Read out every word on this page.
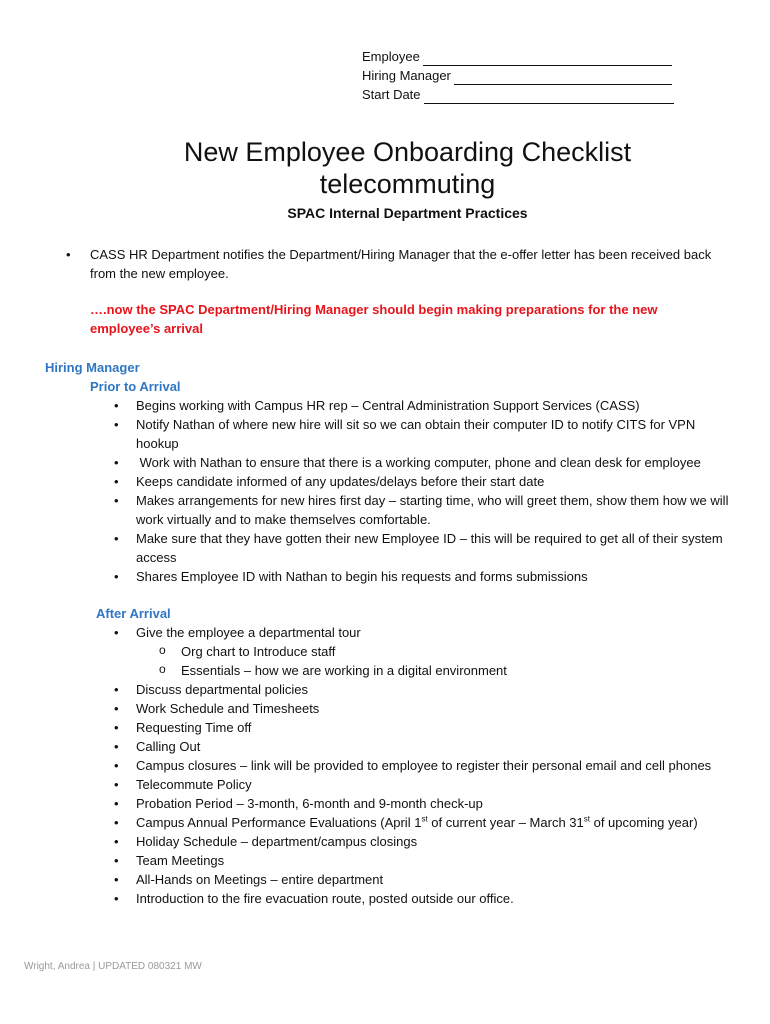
Employee
Hiring Manager
Start Date
New Employee Onboarding Checklist
telecommuting
SPAC Internal Department Practices
• CASS HR Department notifies the Department/Hiring Manager that the e-offer letter has been received back from the new employee.
….now the SPAC Department/Hiring Manager should begin making preparations for the new employee’s arrival
Hiring Manager
Prior to Arrival
• Begins working with Campus HR rep – Central Administration Support Services (CASS)
• Notify Nathan of where new hire will sit so we can obtain their computer ID to notify CITS for VPN hookup
• Work with Nathan to ensure that there is a working computer, phone and clean desk for employee
• Keeps candidate informed of any updates/delays before their start date
• Makes arrangements for new hires first day – starting time, who will greet them, show them how we will work virtually and to make themselves comfortable.
• Make sure that they have gotten their new Employee ID – this will be required to get all of their system access
• Shares Employee ID with Nathan to begin his requests and forms submissions
After Arrival
• Give the employee a departmental tour
o Org chart to Introduce staff
o Essentials – how we are working in a digital environment
• Discuss departmental policies
• Work Schedule and Timesheets
• Requesting Time off
• Calling Out
• Campus closures – link will be provided to employee to register their personal email and cell phones
• Telecommute Policy
• Probation Period – 3-month, 6-month and 9-month check-up
• Campus Annual Performance Evaluations (April 1st of current year – March 31st of upcoming year)
• Holiday Schedule – department/campus closings
• Team Meetings
• All-Hands on Meetings – entire department
• Introduction to the fire evacuation route, posted outside our office.
Wright, Andrea | UPDATED 080321 MW
